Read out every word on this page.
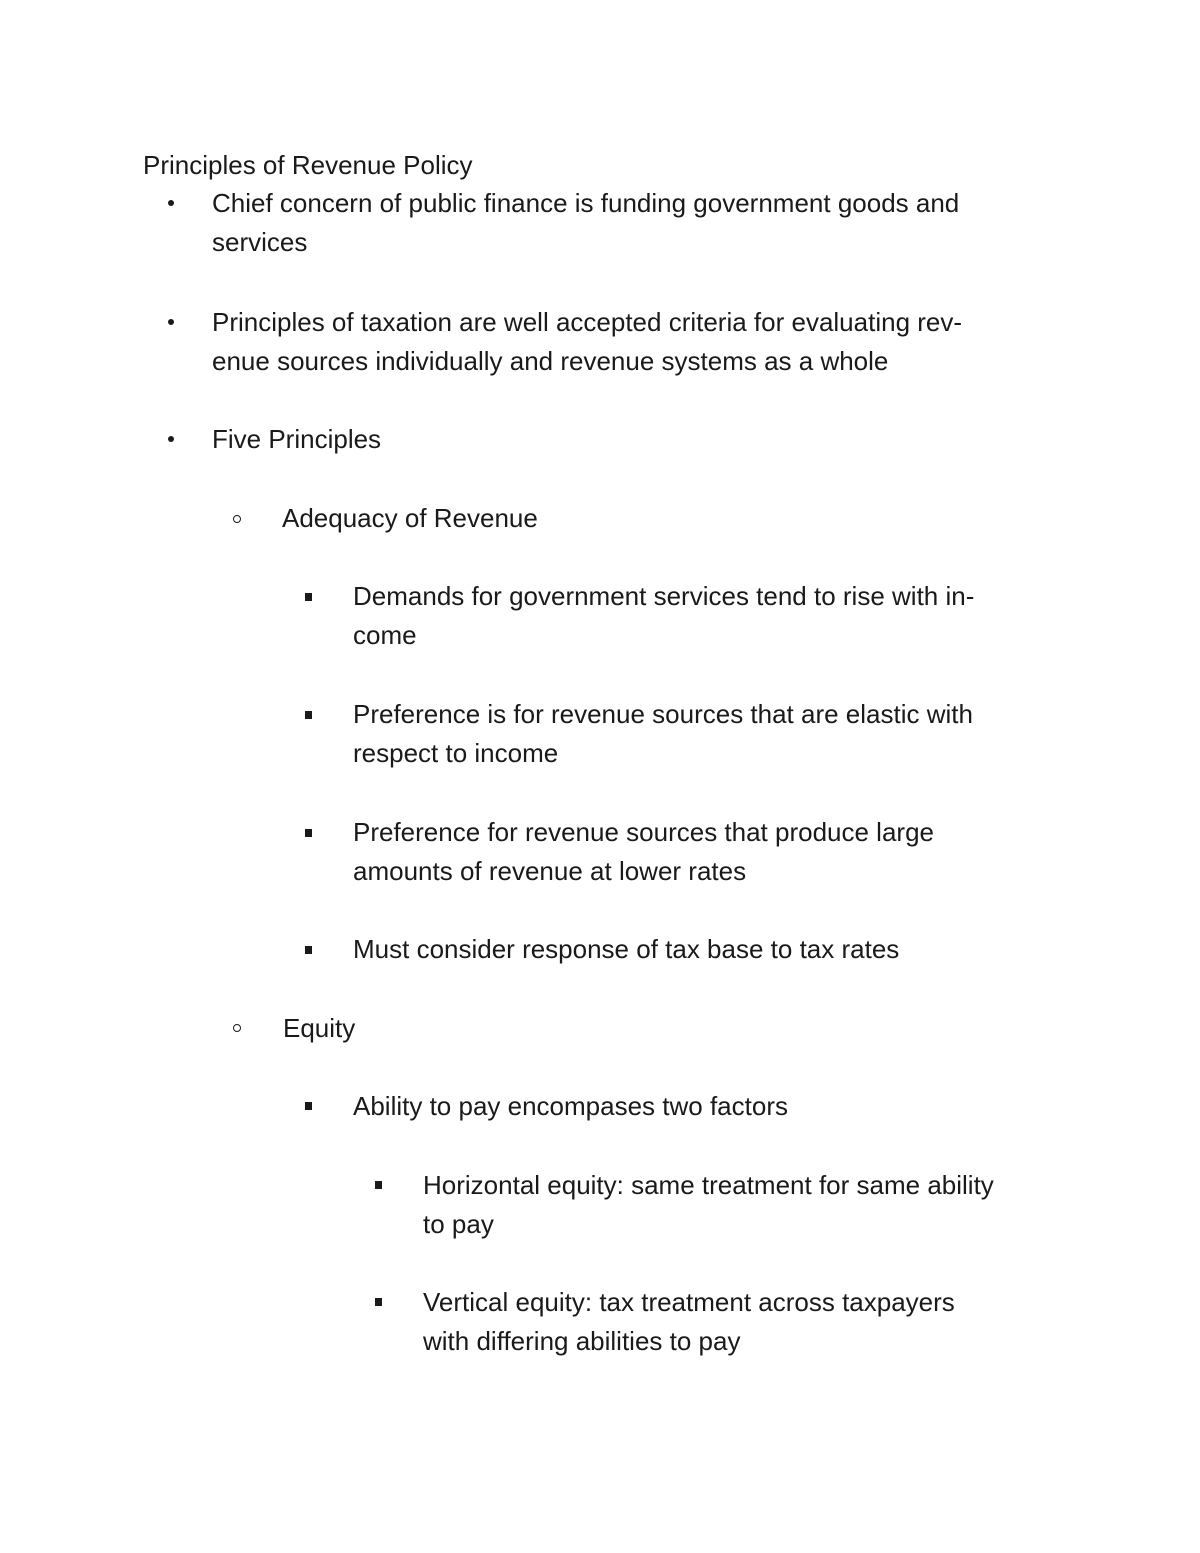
Principles of Revenue Policy
Chief concern of public finance is funding government goods and
services
Principles of taxation are well accepted criteria for evaluating rev-
enue sources individually and revenue systems as a whole
Five Principles
Adequacy of Revenue
Demands for government services tend to rise with in-
come
Preference is for revenue sources that are elastic with
respect to income
Preference for revenue sources that produce large
amounts of revenue at lower rates
Must consider response of tax base to tax rates
Equity
Ability to pay encompases two factors
Horizontal equity: same treatment for same ability
to pay
Vertical equity: tax treatment across taxpayers
with differing abilities to pay
